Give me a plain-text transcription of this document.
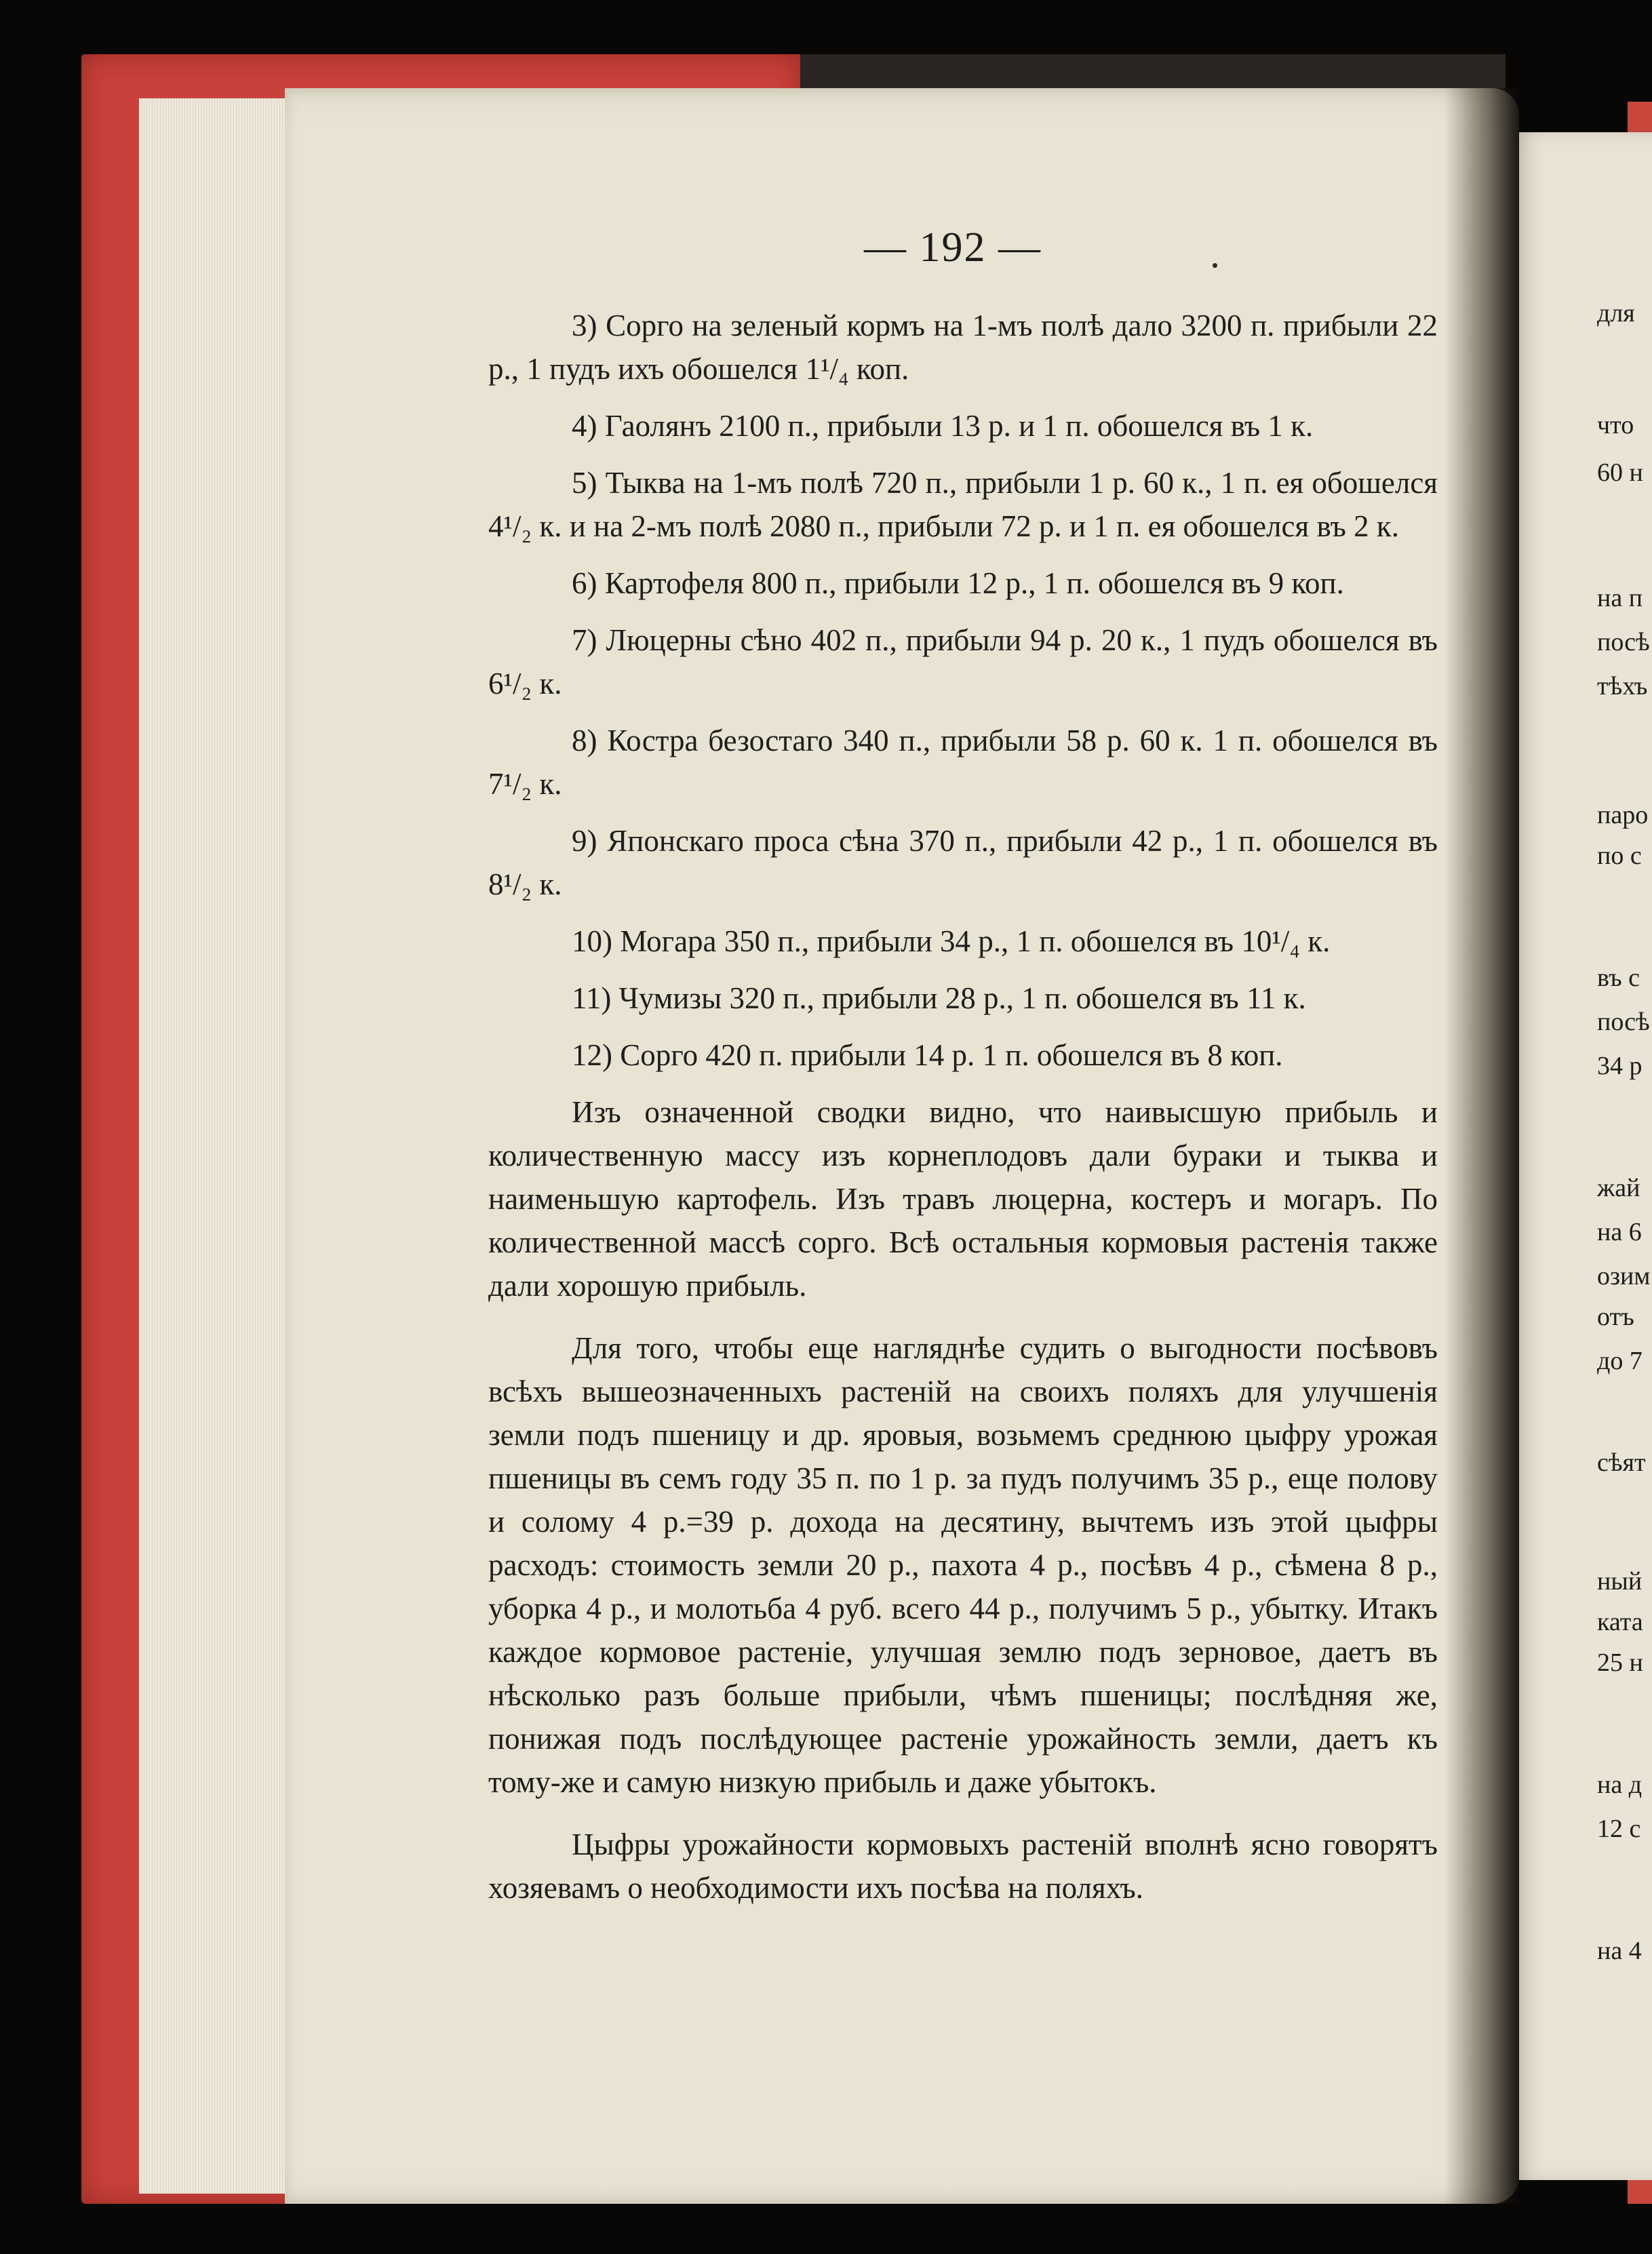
— 192 —

3) Сорго на зеленый кормъ на 1-мъ полѣ дало 3200 п. прибыли 22 р., 1 пудъ ихъ обошелся 1¹/₄ коп.

4) Гаолянъ 2100 п., прибыли 13 р. и 1 п. обошелся въ 1 к.

5) Тыква на 1-мъ полѣ 720 п., прибыли 1 р. 60 к., 1 п. ея обошелся 4¹/₂ к. и на 2-мъ полѣ 2080 п., прибыли 72 р. и 1 п. ея обошелся въ 2 к.

6) Картофеля 800 п., прибыли 12 р., 1 п. обошелся въ 9 коп.

7) Люцерны сѣно 402 п., прибыли 94 р. 20 к., 1 пудъ обошелся въ 6¹/₂ к.

8) Костра безостаго 340 п., прибыли 58 р. 60 к. 1 п. обошелся въ 7¹/₂ к.

9) Японскаго проса сѣна 370 п., прибыли 42 р., 1 п. обошелся въ 8¹/₂ к.

10) Могара 350 п., прибыли 34 р., 1 п. обошелся въ 10¹/₄ к.

11) Чумизы 320 п., прибыли 28 р., 1 п. обошелся въ 11 к.

12) Сорго 420 п. прибыли 14 р. 1 п. обошелся въ 8 коп.

Изъ означенной сводки видно, что наивысшую прибыль и количественную массу изъ корнеплодовъ дали бураки и тыква и наименьшую картофель. Изъ травъ люцерна, костеръ и могаръ. По количественной массѣ сорго. Всѣ остальныя кормовыя растенія также дали хорошую прибыль.

Для того, чтобы еще нагляднѣе судить о выгодности посѣвовъ всѣхъ вышеозначенныхъ растеній на своихъ поляхъ для улучшенія земли подъ пшеницу и др. яровыя, возьмемъ среднюю цыфру урожая пшеницы въ семъ году 35 п. по 1 р. за пудъ получимъ 35 р., еще полову и солому 4 р.=39 р. дохода на десятину, вычтемъ изъ этой цыфры расходъ: стоимость земли 20 р., пахота 4 р., посѣвъ 4 р., сѣмена 8 р., уборка 4 р., и молотьба 4 руб. всего 44 р., получимъ 5 р., убытку. Итакъ каждое кормовое растеніе, улучшая землю подъ зерновое, даетъ въ нѣсколько разъ больше прибыли, чѣмъ пшеницы; послѣдняя же, понижая подъ послѣдующее растеніе урожайность земли, даетъ къ тому-же и самую низкую прибыль и даже убытокъ.

Цыфры урожайности кормовыхъ растеній вполнѣ ясно говорятъ хозяевамъ о необходимости ихъ посѣва на поляхъ.

для
что
60 н
на п
посѣ
тѣхъ
паро
по с
въ с
посѣ
34 р
жай
на 6
озим
отъ
до 7
сѣят
ный
ката
25 н
на д
12 с
на 4
